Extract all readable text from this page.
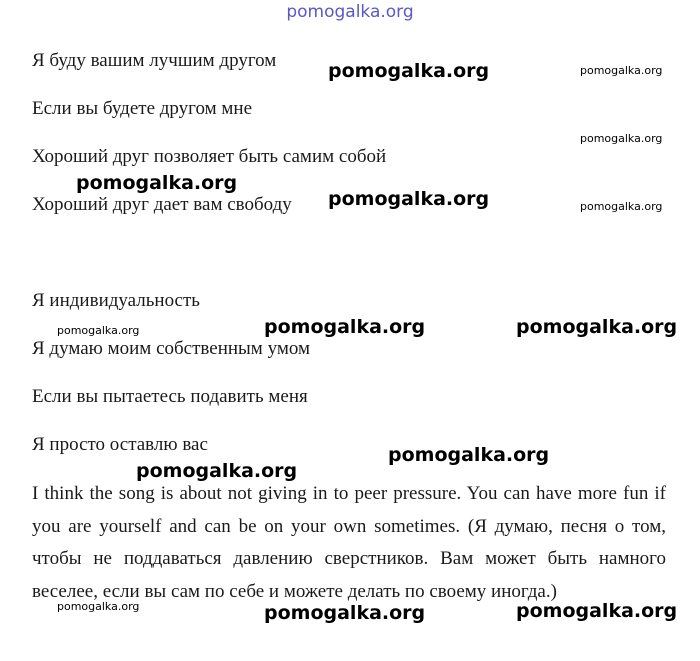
pomogalka.org
Я буду вашим лучшим другом
Если вы будете другом мне
Хороший друг позволяет быть самим собой
Хороший друг дает вам свободу
Я индивидуальность
Я думаю моим собственным умом
Если вы пытаетесь подавить меня
Я просто оставлю вас
I think the song is about not giving in to peer pressure. You can have more fun if you are yourself and can be on your own sometimes. (Я думаю, песня о том, чтобы не поддаваться давлению сверстников. Вам может быть намного веселее, если вы сам по себе и можете делать по своему иногда.)
pomogalka.org	pomogalka.org
pomogalka.org
pomogalka.org
pomogalka.org	pomogalka.org
pomogalka.org	pomogalka.org	pomogalka.org
pomogalka.org
pomogalka.org
pomogalka.org	pomogalka.org	pomogalka.org
